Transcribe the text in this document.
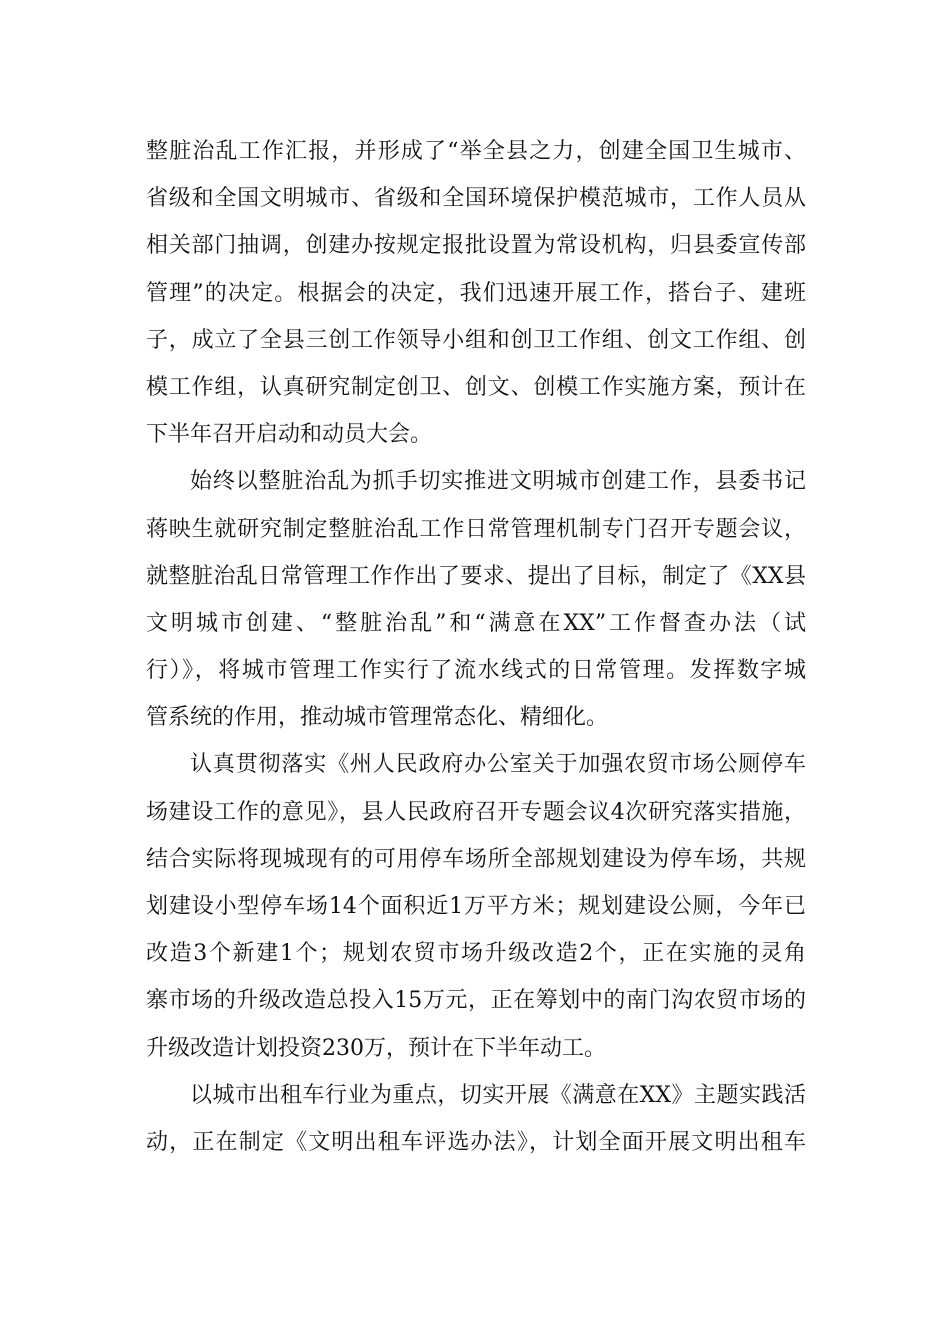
整脏治乱工作汇报，并形成了“举全县之力，创建全国卫生城市、
省级和全国文明城市、省级和全国环境保护模范城市，工作人员从
相关部门抽调，创建办按规定报批设置为常设机构，归县委宣传部
管理”的决定。根据会的决定，我们迅速开展工作，搭台子、建班
子，成立了全县三创工作领导小组和创卫工作组、创文工作组、创
模工作组，认真研究制定创卫、创文、创模工作实施方案，预计在
下半年召开启动和动员大会。
始终以整脏治乱为抓手切实推进文明城市创建工作，县委书记
蒋映生就研究制定整脏治乱工作日常管理机制专门召开专题会议，
就整脏治乱日常管理工作作出了要求、提出了目标，制定了《XX县
文明城市创建、“整脏治乱”和“满意在XX”工作督查办法（试
行）》，将城市管理工作实行了流水线式的日常管理。发挥数字城
管系统的作用，推动城市管理常态化、精细化。
认真贯彻落实《州人民政府办公室关于加强农贸市场公厕停车
场建设工作的意见》，县人民政府召开专题会议4次研究落实措施，
结合实际将现城现有的可用停车场所全部规划建设为停车场，共规
划建设小型停车场14个面积近1万平方米；规划建设公厕，今年已
改造3个新建1个；规划农贸市场升级改造2个，正在实施的灵角
寨市场的升级改造总投入15万元，正在筹划中的南门沟农贸市场的
升级改造计划投资230万，预计在下半年动工。
以城市出租车行业为重点，切实开展《满意在XX》主题实践活
动，正在制定《文明出租车评选办法》，计划全面开展文明出租车
